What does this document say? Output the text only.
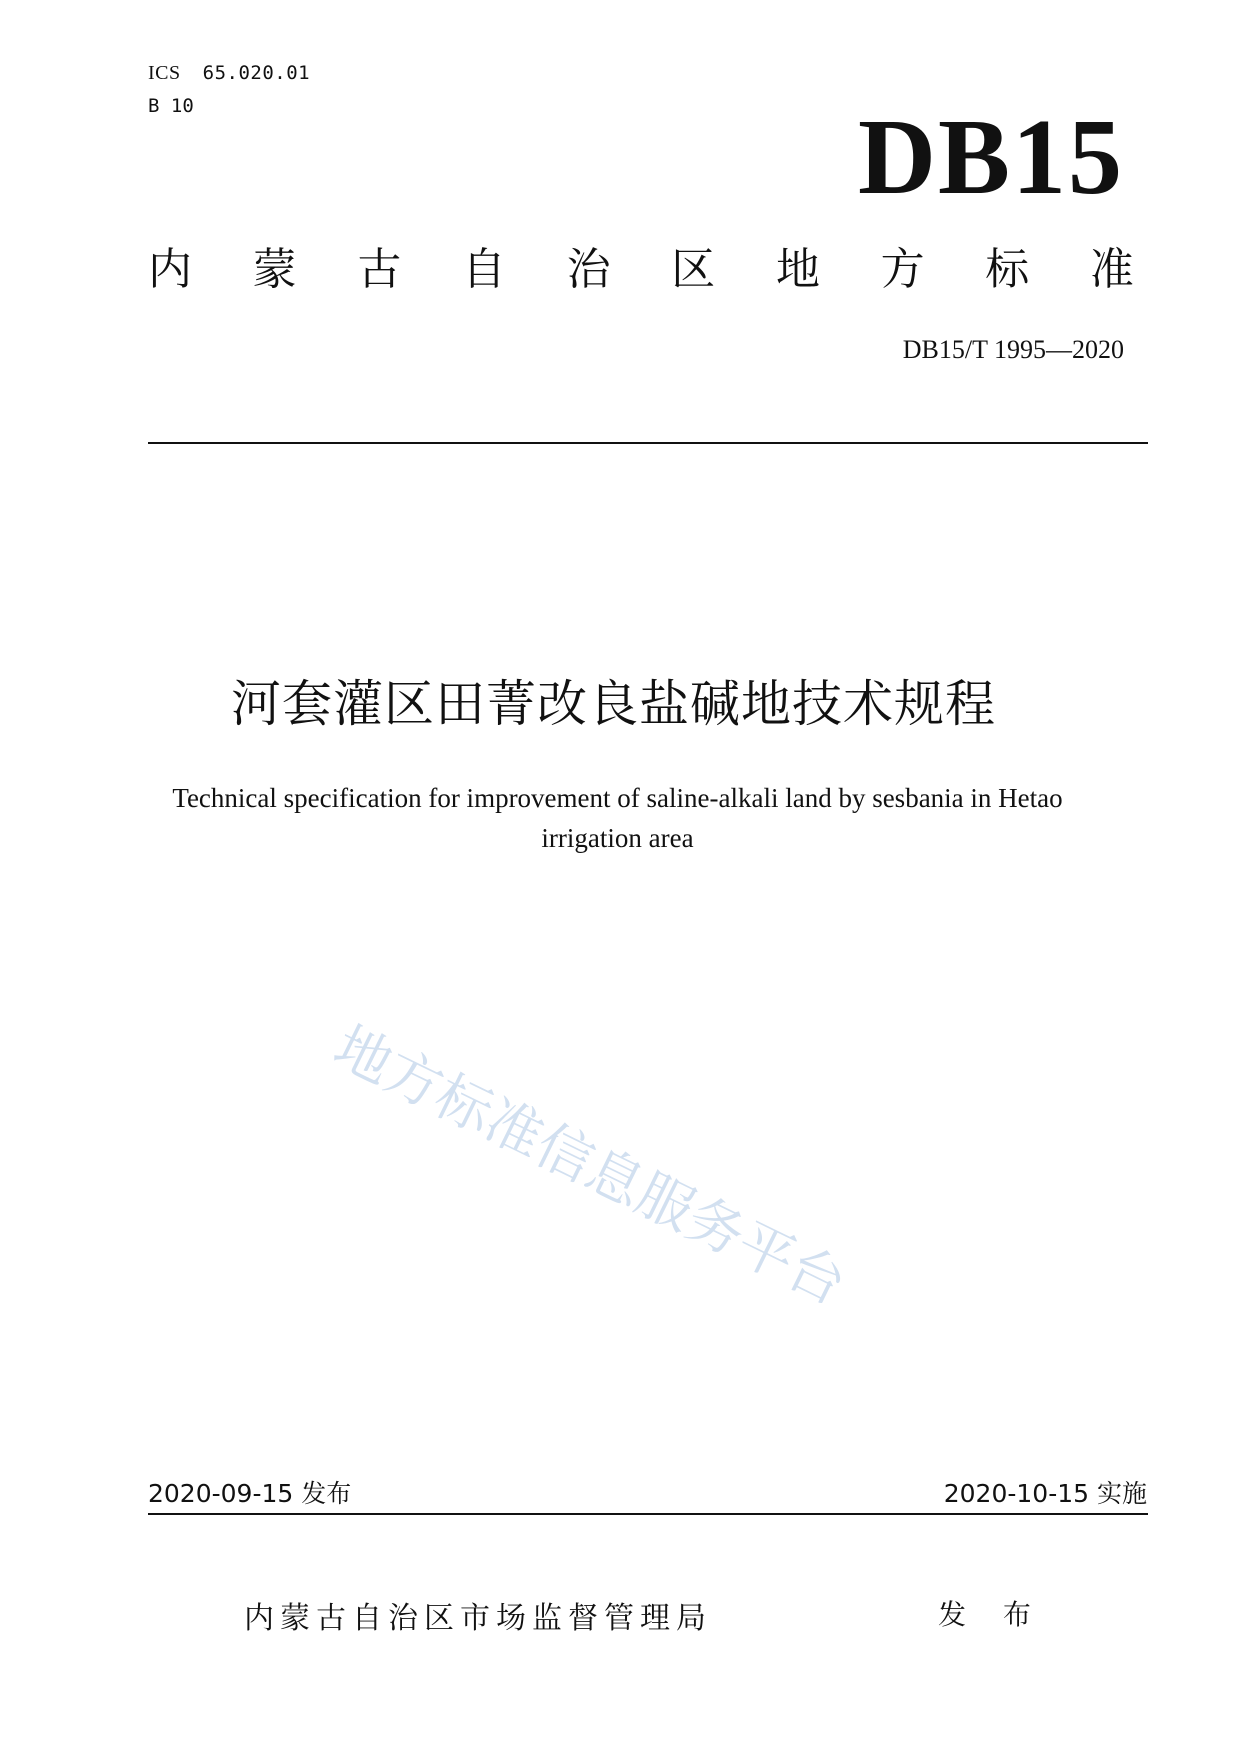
ICS 65.020.01
B 10	DB15
内 蒙 古 自 治 区 地 方 标 准
DB15/T 1995—2020
河套灌区田菁改良盐碱地技术规程
Technical specification for improvement of saline-alkali land by sesbania in Hetao
irrigation area
地方标准信息服务平台
2020-09-15 发布	2020-10-15 实施
内蒙古自治区市场监督管理局	发 布
